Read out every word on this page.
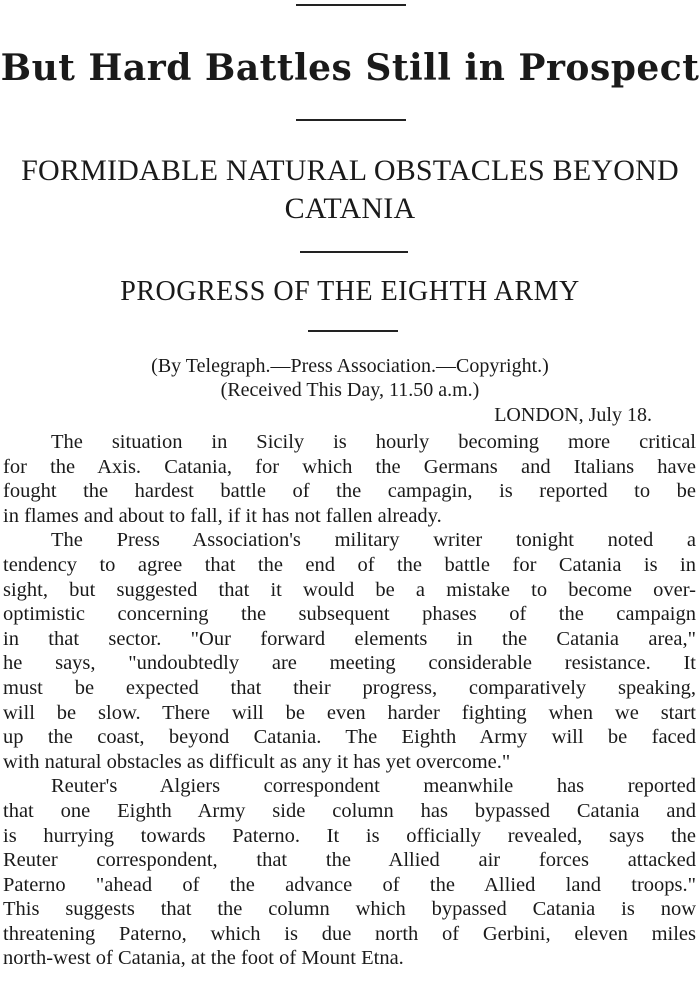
But Hard Battles Still in Prospect
FORMIDABLE NATURAL OBSTACLES BEYOND
CATANIA
PROGRESS OF THE EIGHTH ARMY
(By Telegraph.—Press Association.—Copyright.)
(Received This Day, 11.50 a.m.)
LONDON, July 18.

The situation in Sicily is hourly becoming more critical
for the Axis. Catania, for which the Germans and Italians have
fought the hardest battle of the campagin, is reported to be
in flames and about to fall, if it has not fallen already.

The Press Association's military writer tonight noted a
tendency to agree that the end of the battle for Catania is in
sight, but suggested that it would be a mistake to become over-
optimistic concerning the subsequent phases of the campaign
in that sector. "Our forward elements in the Catania area,"
he says, "undoubtedly are meeting considerable resistance. It
must be expected that their progress, comparatively speaking,
will be slow. There will be even harder fighting when we start
up the coast, beyond Catania. The Eighth Army will be faced
with natural obstacles as difficult as any it has yet overcome."

Reuter's Algiers correspondent meanwhile has reported
that one Eighth Army side column has bypassed Catania and
is hurrying towards Paterno. It is officially revealed, says the
Reuter correspondent, that the Allied air forces attacked
Paterno "ahead of the advance of the Allied land troops."
This suggests that the column which bypassed Catania is now
threatening Paterno, which is due north of Gerbini, eleven miles
north-west of Catania, at the foot of Mount Etna.
